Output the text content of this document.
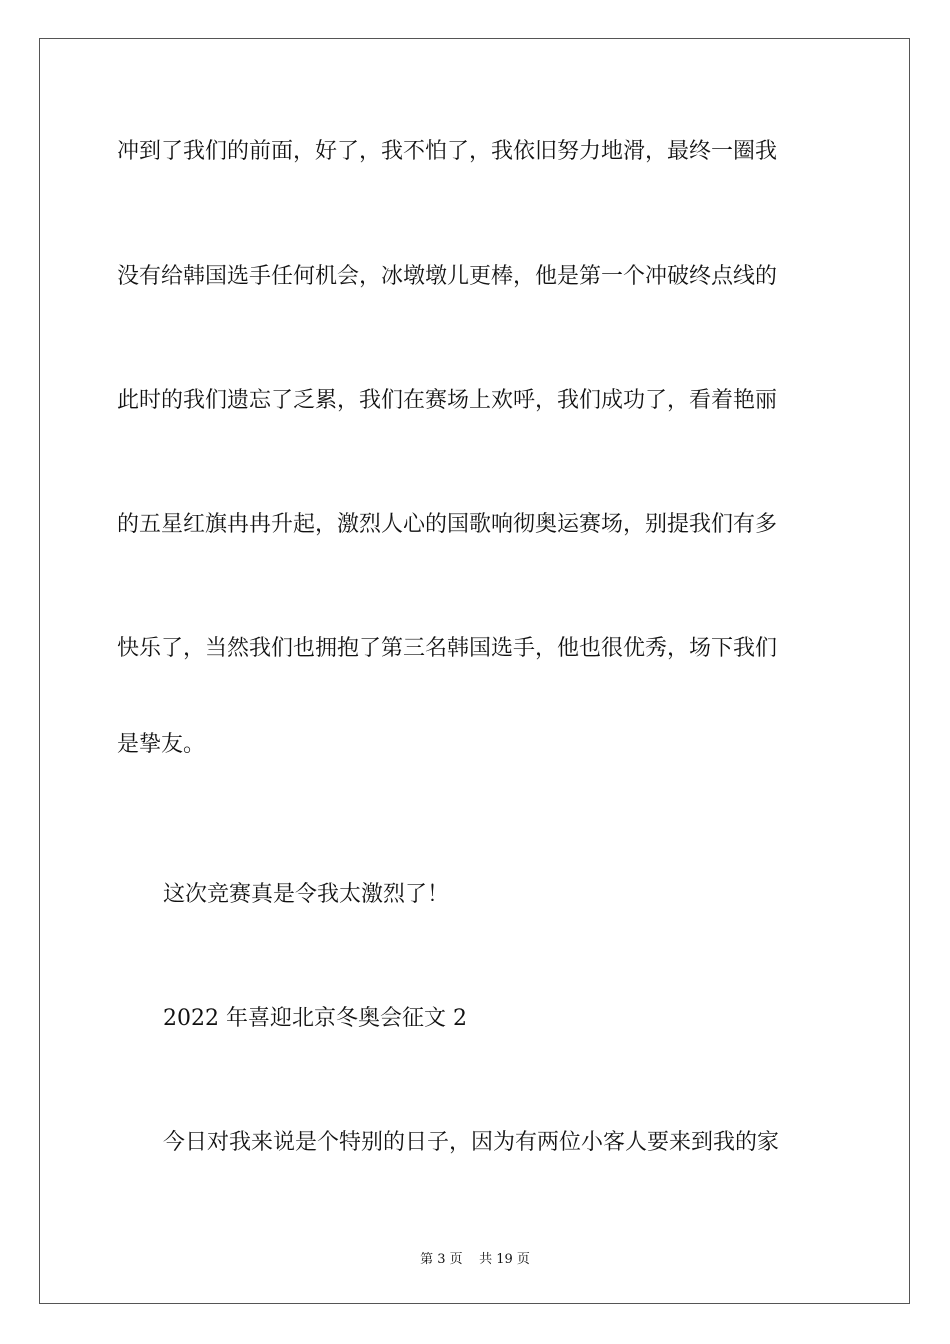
冲到了我们的前面，好了，我不怕了，我依旧努力地滑，最终一圈我
没有给韩国选手任何机会，冰墩墩儿更棒，他是第一个冲破终点线的
此时的我们遗忘了乏累，我们在赛场上欢呼，我们成功了，看着艳丽
的五星红旗冉冉升起，激烈人心的国歌响彻奥运赛场，别提我们有多
快乐了，当然我们也拥抱了第三名韩国选手，他也很优秀，场下我们
是挚友。
这次竞赛真是令我太激烈了！
2022 年喜迎北京冬奥会征文 2
今日对我来说是个特别的日子，因为有两位小客人要来到我的家
第 3 页    共 19 页
